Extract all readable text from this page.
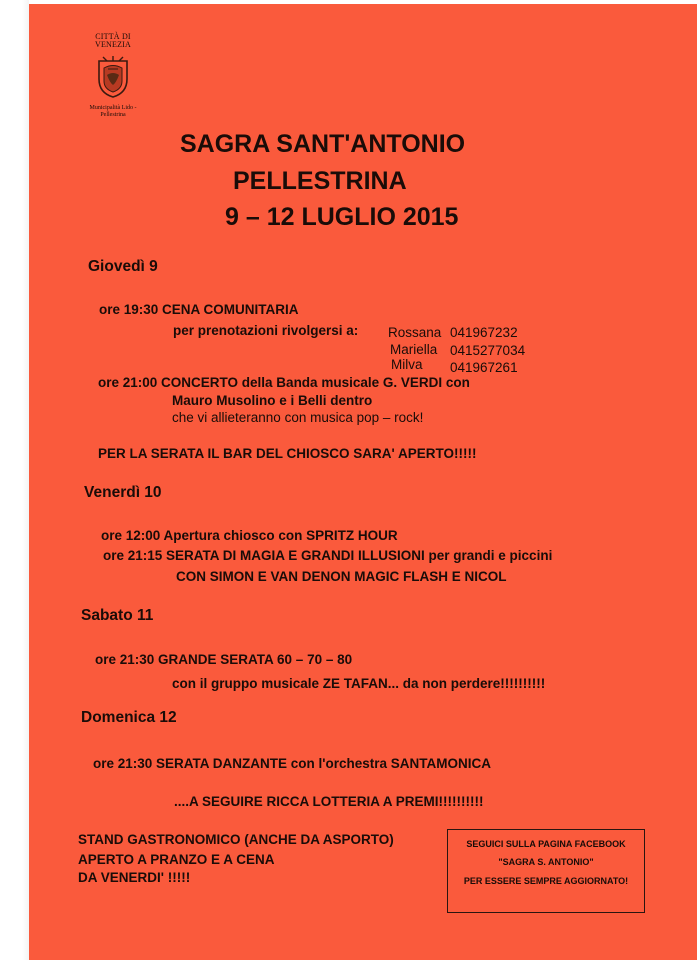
CITTÀ DI VENEZIA
Municipalità Lido - Pellestrina
SAGRA SANT'ANTONIO
PELLESTRINA
9 – 12 LUGLIO 2015
Giovedì 9
ore 19:30 CENA COMUNITARIA
per prenotazioni rivolgersi a: Rossana 041967232
Mariella 0415277034
Milva 041967261
ore 21:00 CONCERTO della Banda musicale G. VERDI con
Mauro Musolino e i Belli dentro
che vi allieteranno con musica pop – rock!
PER LA SERATA IL BAR DEL CHIOSCO SARA' APERTO!!!!!
Venerdì 10
ore 12:00 Apertura chiosco con SPRITZ HOUR
ore 21:15 SERATA DI MAGIA E GRANDI ILLUSIONI per grandi e piccini
CON SIMON E VAN DENON MAGIC FLASH E NICOL
Sabato 11
ore 21:30 GRANDE SERATA 60 – 70 – 80
con il gruppo musicale ZE TAFAN... da non perdere!!!!!!!!!!
Domenica 12
ore 21:30 SERATA DANZANTE con l'orchestra SANTAMONICA
....A SEGUIRE RICCA LOTTERIA A PREMI!!!!!!!!!!
STAND GASTRONOMICO (ANCHE DA ASPORTO)
APERTO A PRANZO E A CENA
DA VENERDI' !!!!!
SEGUICI SULLA PAGINA FACEBOOK
"SAGRA S. ANTONIO"
PER ESSERE SEMPRE AGGIORNATO!
